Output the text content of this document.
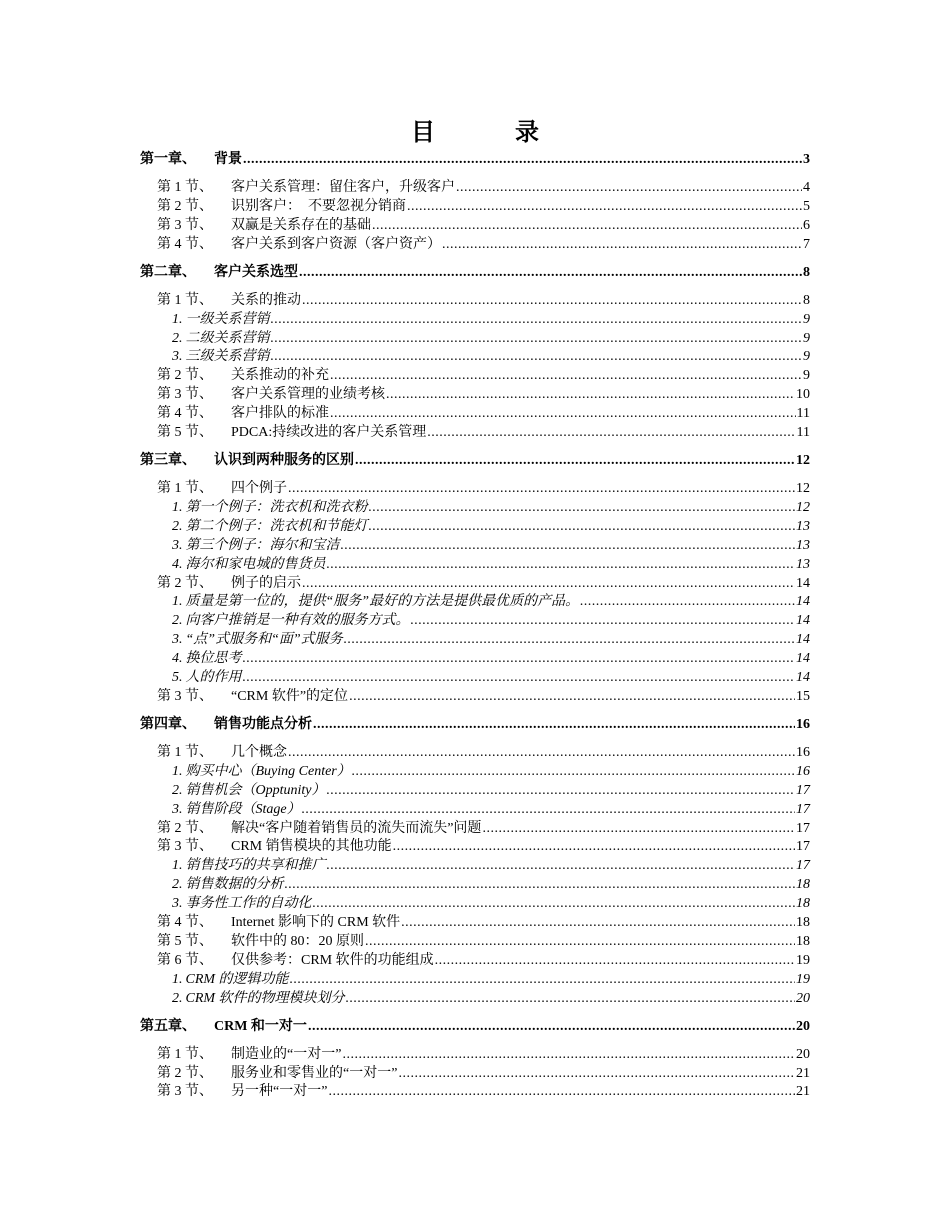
目　录
第一章、 背景 .....	3
第 1 节、 客户关系管理：留住客户，升级客户 .....	4
第 2 节、 识别客户：　不要忽视分销商 .....	5
第 3 节、 双赢是关系存在的基础 .....	6
第 4 节、 客户关系到客户资源（客户资产） .....	7
第二章、 客户关系选型 .....	8
第 1 节、 关系的推动 .....	8
1. 一级关系营销 .....	9
2. 二级关系营销 .....	9
3. 三级关系营销 .....	9
第 2 节、 关系推动的补充 .....	9
第 3 节、 客户关系管理的业绩考核 .....	10
第 4 节、 客户排队的标准 .....	11
第 5 节、 PDCA:持续改进的客户关系管理 .....	11
第三章、 认识到两种服务的区别 .....	12
第 1 节、 四个例子 .....	12
1. 第一个例子：洗衣机和洗衣粉 .....	12
2. 第二个例子：洗衣机和节能灯 .....	13
3. 第三个例子：海尔和宝洁 .....	13
4. 海尔和家电城的售货员 .....	13
第 2 节、 例子的启示 .....	14
1. 质量是第一位的，提供“服务”最好的方法是提供最优质的产品。 .....	14
2. 向客户推销是一种有效的服务方式。 .....	14
3. “点”式服务和“面”式服务 .....	14
4. 换位思考 .....	14
5. 人的作用 .....	14
第 3 节、 “CRM 软件”的定位 .....	15
第四章、 销售功能点分析 .....	16
第 1 节、 几个概念 .....	16
1. 购买中心（Buying Center） .....	16
2. 销售机会（Opptunity） .....	17
3. 销售阶段（Stage） .....	17
第 2 节、 解决“客户随着销售员的流失而流失”问题 .....	17
第 3 节、 CRM 销售模块的其他功能 .....	17
1. 销售技巧的共享和推广 .....	17
2. 销售数据的分析 .....	18
3. 事务性工作的自动化 .....	18
第 4 节、 Internet 影响下的 CRM 软件 .....	18
第 5 节、 软件中的 80：20 原则 .....	18
第 6 节、 仅供参考：CRM 软件的功能组成 .....	19
1. CRM 的逻辑功能 .....	19
2. CRM 软件的物理模块划分 .....	20
第五章、 CRM 和一对一 .....	20
第 1 节、 制造业的“一对一” .....	20
第 2 节、 服务业和零售业的“一对一” .....	21
第 3 节、 另一种“一对一” .....	21
